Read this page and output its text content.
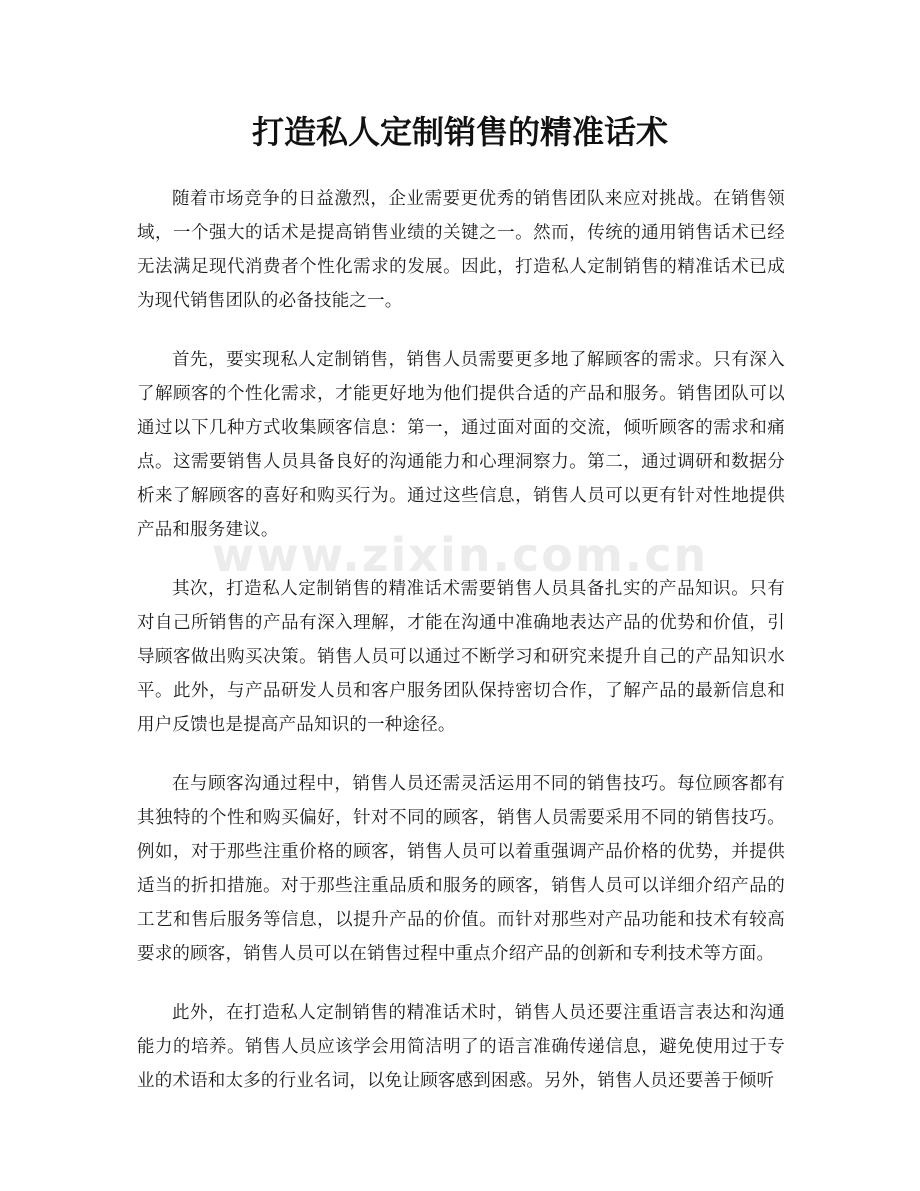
打造私人定制销售的精准话术
www.zixin.com.cn

随着市场竞争的日益激烈，企业需要更优秀的销售团队来应对挑战。在销售领域，一个强大的话术是提高销售业绩的关键之一。然而，传统的通用销售话术已经无法满足现代消费者个性化需求的发展。因此，打造私人定制销售的精准话术已成为现代销售团队的必备技能之一。

首先，要实现私人定制销售，销售人员需要更多地了解顾客的需求。只有深入了解顾客的个性化需求，才能更好地为他们提供合适的产品和服务。销售团队可以通过以下几种方式收集顾客信息：第一，通过面对面的交流，倾听顾客的需求和痛点。这需要销售人员具备良好的沟通能力和心理洞察力。第二，通过调研和数据分析来了解顾客的喜好和购买行为。通过这些信息，销售人员可以更有针对性地提供产品和服务建议。

其次，打造私人定制销售的精准话术需要销售人员具备扎实的产品知识。只有对自己所销售的产品有深入理解，才能在沟通中准确地表达产品的优势和价值，引导顾客做出购买决策。销售人员可以通过不断学习和研究来提升自己的产品知识水平。此外，与产品研发人员和客户服务团队保持密切合作，了解产品的最新信息和用户反馈也是提高产品知识的一种途径。

在与顾客沟通过程中，销售人员还需灵活运用不同的销售技巧。每位顾客都有其独特的个性和购买偏好，针对不同的顾客，销售人员需要采用不同的销售技巧。例如，对于那些注重价格的顾客，销售人员可以着重强调产品价格的优势，并提供适当的折扣措施。对于那些注重品质和服务的顾客，销售人员可以详细介绍产品的工艺和售后服务等信息，以提升产品的价值。而针对那些对产品功能和技术有较高要求的顾客，销售人员可以在销售过程中重点介绍产品的创新和专利技术等方面。

此外，在打造私人定制销售的精准话术时，销售人员还要注重语言表达和沟通能力的培养。销售人员应该学会用简洁明了的语言准确传递信息，避免使用过于专业的术语和太多的行业名词，以免让顾客感到困惑。另外，销售人员还要善于倾听
